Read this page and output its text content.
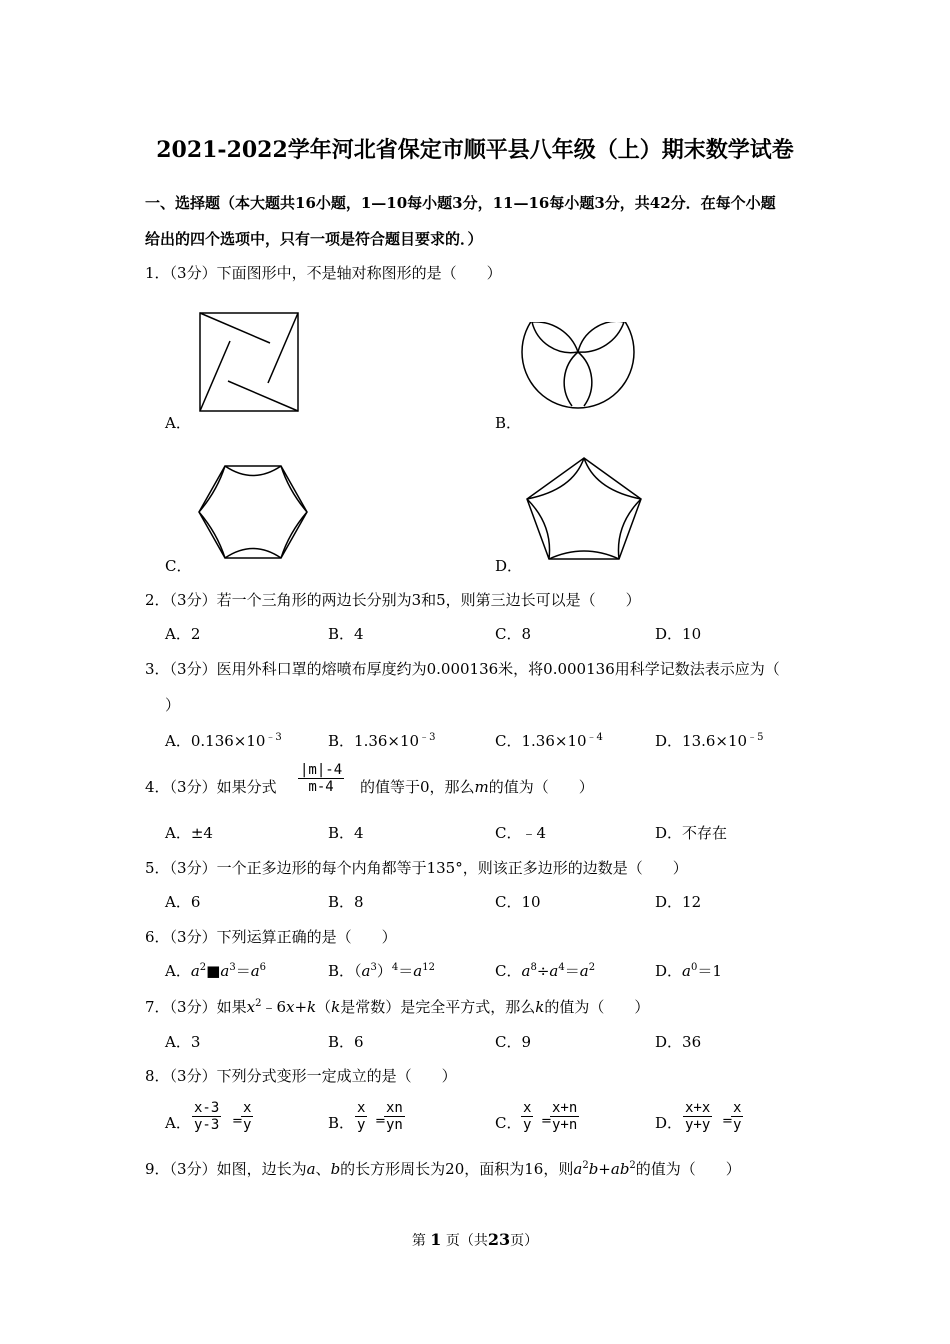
2021-2022学年河北省保定市顺平县八年级（上）期末数学试卷
一、选择题（本大题共16小题，1—10每小题3分，11—16每小题3分，共42分．在每个小题
给出的四个选项中，只有一项是符合题目要求的．）
1．（3分）下面图形中，不是轴对称图形的是（　　）
A．	B．
C．	D．
2．（3分）若一个三角形的两边长分别为3和5，则第三边长可以是（　　）
A．2	B．4	C．8	D．10
3．（3分）医用外科口罩的熔喷布厚度约为0.000136米，将0.000136用科学记数法表示应为（
）
A．$0.136\times 10^{﹣3}$	B．$1.36\times 10^{﹣3}$	C．$1.36\times 10^{﹣4}$	D．$13.6\times 10^{﹣5}$
4．（3分）如果分式 $\frac{|m|-4}{m-4}$ 的值等于0，那么m的值为（　　）
A．±4	B．4	C．﹣4	D．不存在
5．（3分）一个正多边形的每个内角都等于135°，则该正多边形的边数是（　　）
A．6	B．8	C．10	D．12
6．（3分）下列运算正确的是（　　）
A．$a^2■a^3=a^6$	B．$(a^3)^4=a^{12}$	C．$a^8\div a^4=a^2$	D．$a^0=1$
7．（3分）如果$x^2﹣6x+k(k$是常数）是完全平方式，那么k的值为（　　）
A．3	B．6	C．9	D．36
8．（3分）下列分式变形一定成立的是（　　）
A． $\frac{x-3}{y-3}$ =
$\frac{x}{y}$	B． $\frac{x}{y}$ =
$\frac{xn}{yn}$	C． $\frac{x}{y}$ =
$\frac{x+n}{y+n}$	D． $\frac{x+x}{y+y}$ =
$\frac{x}{y}$
9．（3分）如图，边长为a、b的长方形周长为20，面积为16，则$a^2b+ab^2$的值为（　　）
第 1 页（共23页）
